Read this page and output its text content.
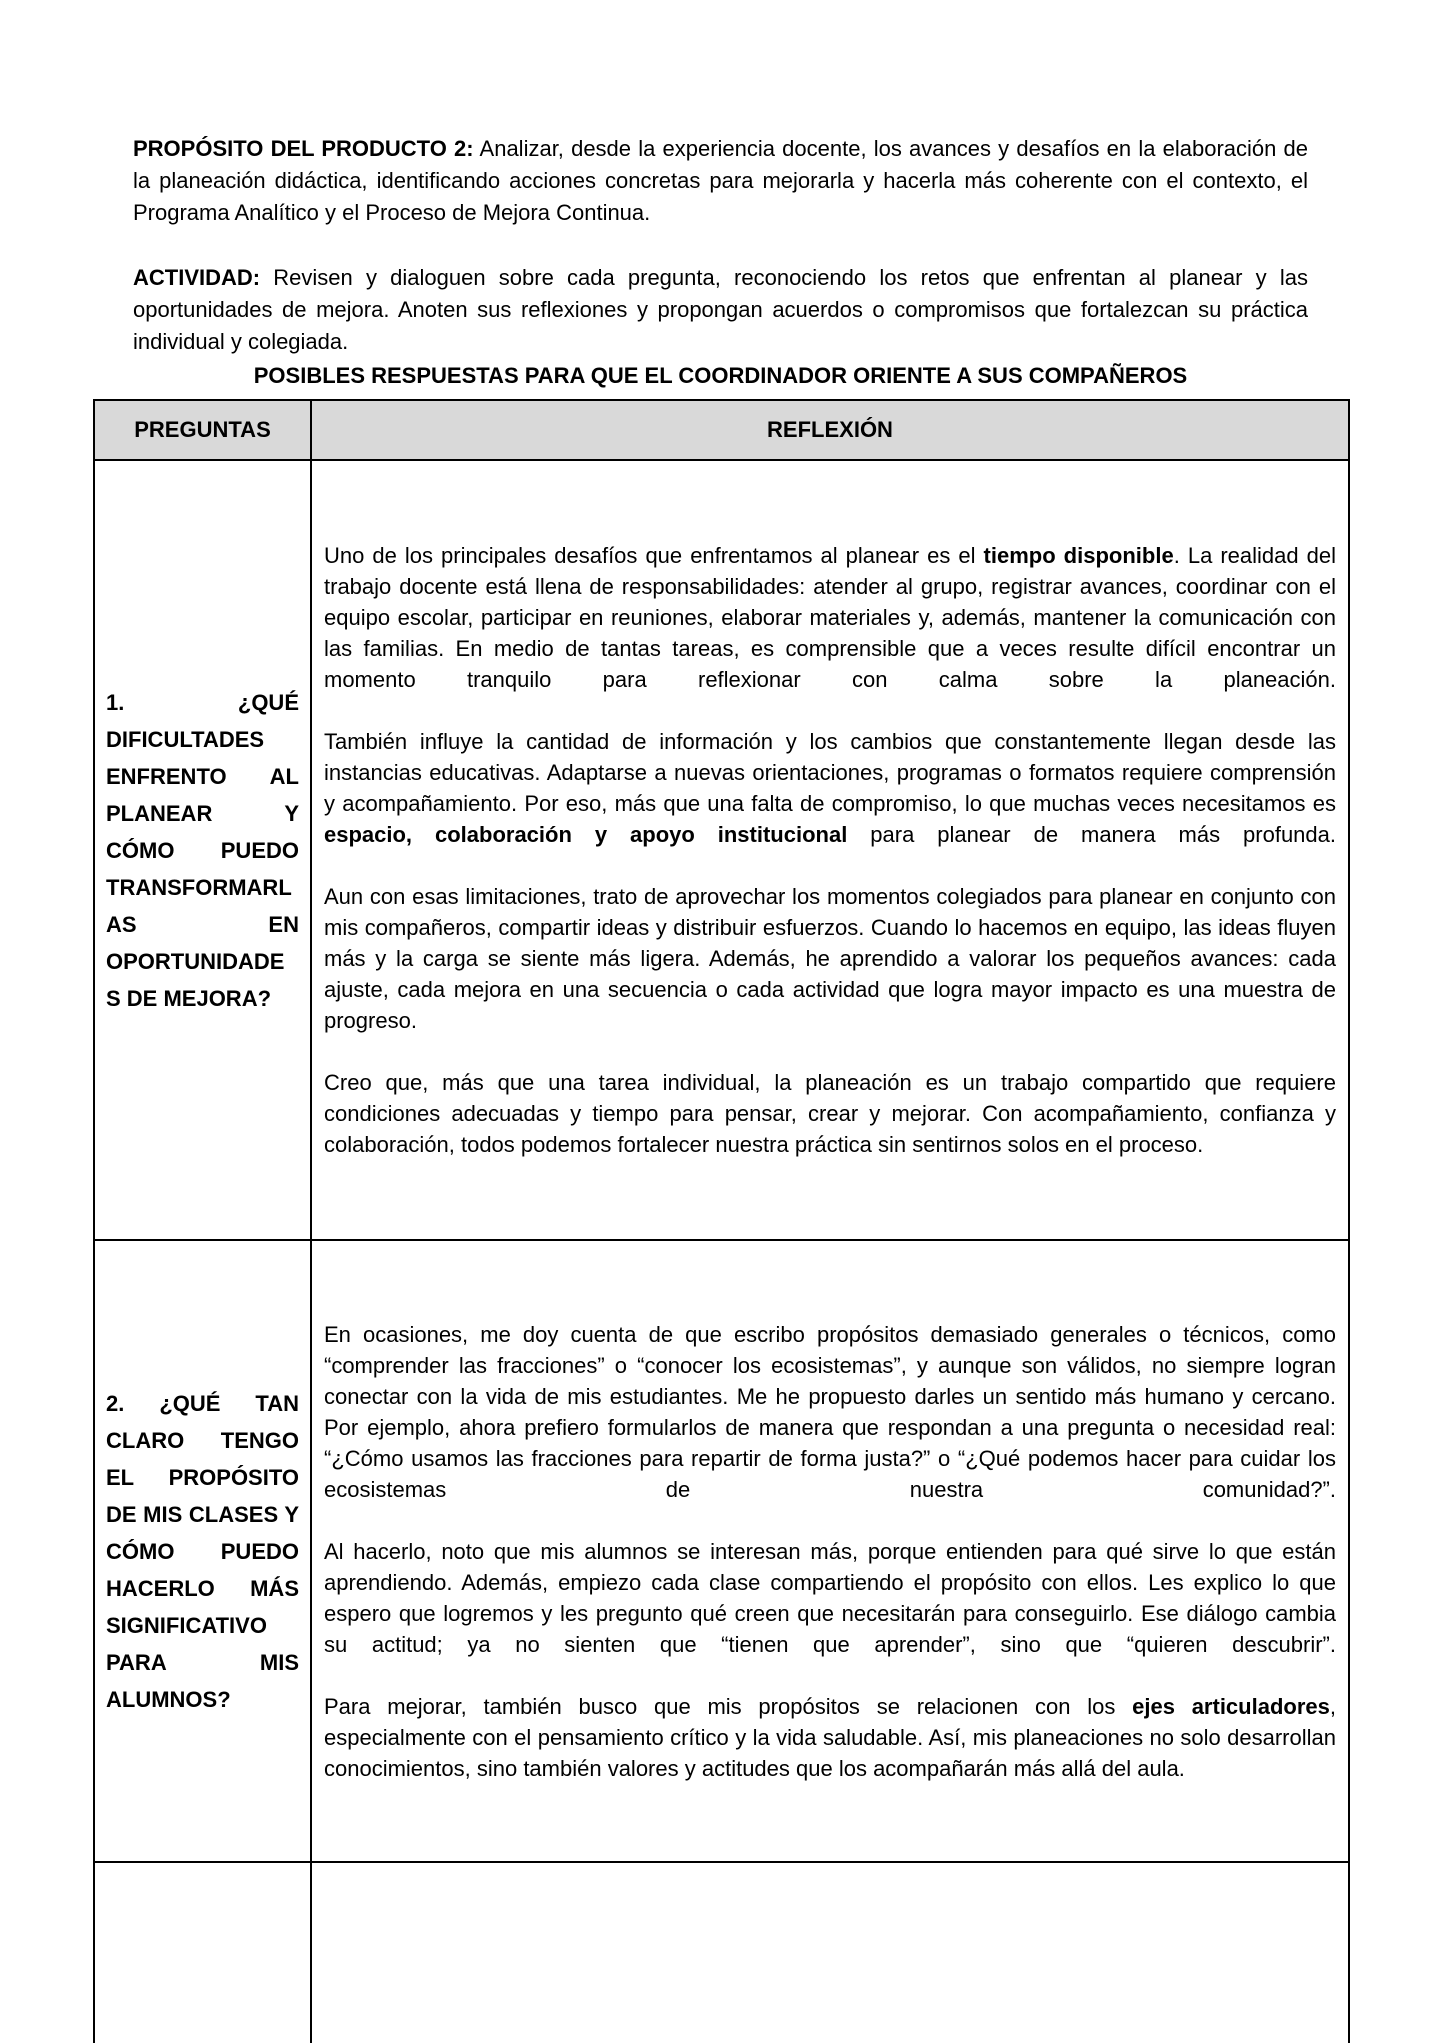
PROPÓSITO DEL PRODUCTO 2: Analizar, desde la experiencia docente, los avances y desafíos en la elaboración de la planeación didáctica, identificando acciones concretas para mejorarla y hacerla más coherente con el contexto, el Programa Analítico y el Proceso de Mejora Continua.

ACTIVIDAD: Revisen y dialoguen sobre cada pregunta, reconociendo los retos que enfrentan al planear y las oportunidades de mejora. Anoten sus reflexiones y propongan acuerdos o compromisos que fortalezcan su práctica individual y colegiada.

POSIBLES RESPUESTAS PARA QUE EL COORDINADOR ORIENTE A SUS COMPAÑEROS
PREGUNTAS	REFLEXIÓN

1. ¿QUÉ DIFICULTADES ENFRENTO AL PLANEAR Y CÓMO PUEDO TRANSFORMARLAS EN OPORTUNIDADES DE MEJORA?	Uno de los principales desafíos que enfrentamos al planear es el tiempo disponible. La realidad del trabajo docente está llena de responsabilidades: atender al grupo, registrar avances, coordinar con el equipo escolar, participar en reuniones, elaborar materiales y, además, mantener la comunicación con las familias. En medio de tantas tareas, es comprensible que a veces resulte difícil encontrar un momento tranquilo para reflexionar con calma sobre la planeación.

También influye la cantidad de información y los cambios que constantemente llegan desde las instancias educativas. Adaptarse a nuevas orientaciones, programas o formatos requiere comprensión y acompañamiento. Por eso, más que una falta de compromiso, lo que muchas veces necesitamos es espacio, colaboración y apoyo institucional para planear de manera más profunda.

Aun con esas limitaciones, trato de aprovechar los momentos colegiados para planear en conjunto con mis compañeros, compartir ideas y distribuir esfuerzos. Cuando lo hacemos en equipo, las ideas fluyen más y la carga se siente más ligera. Además, he aprendido a valorar los pequeños avances: cada ajuste, cada mejora en una secuencia o cada actividad que logra mayor impacto es una muestra de progreso.

Creo que, más que una tarea individual, la planeación es un trabajo compartido que requiere condiciones adecuadas y tiempo para pensar, crear y mejorar. Con acompañamiento, confianza y colaboración, todos podemos fortalecer nuestra práctica sin sentirnos solos en el proceso.

2. ¿QUÉ TAN CLARO TENGO EL PROPÓSITO DE MIS CLASES Y CÓMO PUEDO HACERLO MÁS SIGNIFICATIVO PARA MIS ALUMNOS?	En ocasiones, me doy cuenta de que escribo propósitos demasiado generales o técnicos, como “comprender las fracciones” o “conocer los ecosistemas”, y aunque son válidos, no siempre logran conectar con la vida de mis estudiantes. Me he propuesto darles un sentido más humano y cercano. Por ejemplo, ahora prefiero formularlos de manera que respondan a una pregunta o necesidad real: “¿Cómo usamos las fracciones para repartir de forma justa?” o “¿Qué podemos hacer para cuidar los ecosistemas de nuestra comunidad?”.

Al hacerlo, noto que mis alumnos se interesan más, porque entienden para qué sirve lo que están aprendiendo. Además, empiezo cada clase compartiendo el propósito con ellos. Les explico lo que espero que logremos y les pregunto qué creen que necesitarán para conseguirlo. Ese diálogo cambia su actitud; ya no sienten que “tienen que aprender”, sino que “quieren descubrir”.

Para mejorar, también busco que mis propósitos se relacionen con los ejes articuladores, especialmente con el pensamiento crítico y la vida saludable. Así, mis planeaciones no solo desarrollan conocimientos, sino también valores y actitudes que los acompañarán más allá del aula.
